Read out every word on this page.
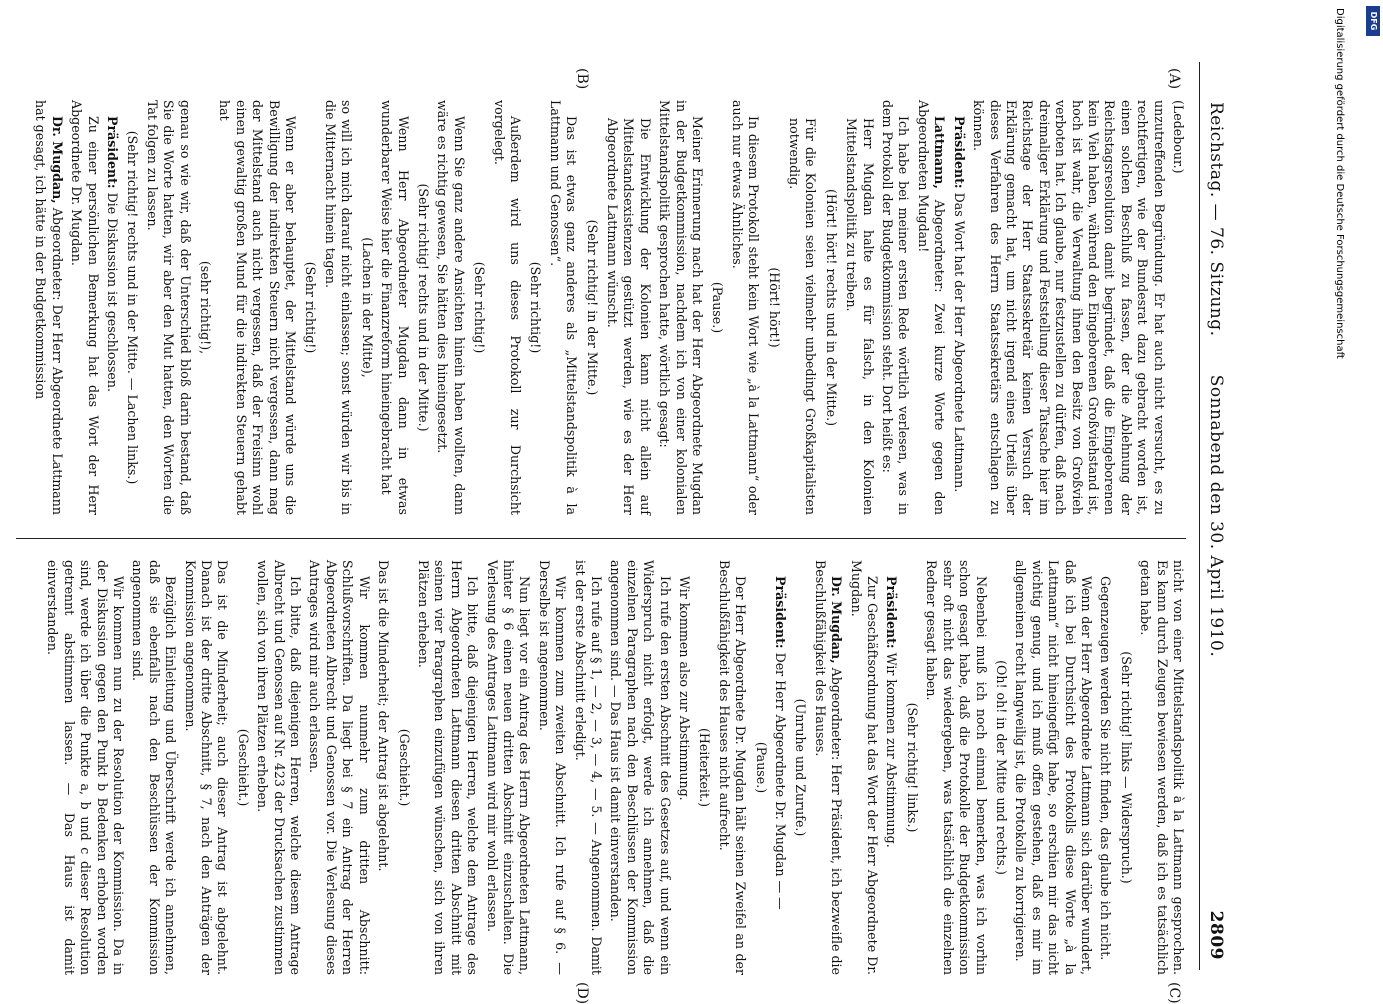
Reichstag. — 76. Sitzung.
Sonnabend den 30. April 1910.
2809
(A)
(B)
(C)
(D)

(Ledebour.)

unzutreffenden Begründung. Er hat auch nicht versucht, es zu rechtfertigen, wie der Bundesrat dazu gebracht worden ist, einen solchen Beschluß zu fassen, der die Ablehnung der Reichstagsresolution damit begründet, daß die Eingeborenen kein Vieh haben, während den Eingeborenen Großviehstand ist, hoch ist wahr, die Verwaltung ihnen den Besitz von Großvieh verboten hat. Ich glaube, nur festzustellen zu dürfen, daß nach dreimaliger Erklärung und Feststellung dieser Tatsache hier im Reichstage der Herr Staatssekretär keinen Versuch der Erklärung gemacht hat, um nicht irgend eines Urteils über dieses Verfahren des Herrn Staatssekretärs entschlagen zu können.

Präsident: Das Wort hat der Herr Abgeordnete Lattmann.

Lattmann, Abgeordneter: Zwei kurze Worte gegen den Abgeordneten Mugdan!

Ich habe bei meiner ersten Rede wörtlich verlesen, was in dem Protokoll der Budgetkommission steht. Dort heißt es:

Herr Mugdan halte es für falsch, in den Kolonien Mittelstandspolitik zu treiben.

(Hört! hört! rechts und in der Mitte.)

Für die Kolonien seien vielmehr unbedingt Großkapitalisten notwendig.

(Hört! hört!)

In diesem Protokoll steht kein Wort wie „à la Lattmann“ oder auch nur etwas Ähnliches.

(Pause.)

Meiner Erinnerung nach hat der Herr Abgeordnete Mugdan in der Budgetkommission, nachdem ich von einer kolonialen Mittelstandspolitik gesprochen hatte, wörtlich gesagt:

Die Entwicklung der Kolonien kann nicht allein auf Mittelstandsexistenzen gestützt werden, wie es der Herr Abgeordnete Lattmann wünscht.

(Sehr richtig! in der Mitte.)

Das ist etwas ganz anderes als „Mittelstandspolitik à la Lattmann und Genossen“.

(Sehr richtig!)

Außerdem wird uns dieses Protokoll zur Durchsicht vorgelegt.

(Sehr richtig!)

Wenn Sie ganz andere Ansichten hinein haben wollten, dann wäre es richtig gewesen, Sie hätten dies hineingesetzt.

(Sehr richtig! rechts und in der Mitte.)

Wenn Herr Abgeordneter Mugdan dann in etwas wunderbarer Weise hier die Finanzreform hineingebracht hat

(Lachen in der Mitte),

so will ich mich darauf nicht einlassen; sonst würden wir bis in die Mitternacht hinein tagen.

(Sehr richtig!)

Wenn er aber behauptet, der Mittelstand würde uns die Bewilligung der indirekten Steuern nicht vergessen, dann mag der Mittelstand auch nicht vergessen, daß der Freisinn wohl einen gewaltig großen Mund für die indirekten Steuern gehabt hat

(sehr richtig!),

genau so wie wir, daß der Unterschied bloß darin bestand, daß Sie die Worte hatten, wir aber den Mut hatten, den Worten die Tat folgen zu lassen.

(Sehr richtig! rechts und in der Mitte. — Lachen links.)

Präsident: Die Diskussion ist geschlossen.

Zu einer persönlichen Bemerkung hat das Wort der Herr Abgeordnete Dr. Mugdan.

Dr. Mugdan, Abgeordneter: Der Herr Abgeordnete Lattmann hat gesagt, ich hätte in der Budgetkommission

nicht von einer Mittelstandspolitik à la Lattmann gesprochen. Es kann durch Zeugen bewiesen werden, daß ich es tatsächlich getan habe.

(Sehr richtig! links — Widerspruch.)

Gegenzeugen werden Sie nicht finden, das glaube ich nicht.

Wenn der Herr Abgeordnete Lattmann sich darüber wundert, daß ich bei Durchsicht des Protokolls diese Worte „à la Lattmann“ nicht hineingefügt habe, so erschien mir das nicht wichtig genug, und ich muß offen gestehen, daß es mir im allgemeinen recht langweilig ist, die Protokolle zu korrigieren.

(Oh! oh! in der Mitte und rechts.)

Nebenbei muß ich noch einmal bemerken, was ich vorhin schon gesagt habe, daß die Protokolle der Budgetkommission sehr oft nicht das wiedergeben, was tatsächlich die einzelnen Redner gesagt haben.

(Sehr richtig! links.)

Präsident: Wir kommen zur Abstimmung.

Zur Geschäftsordnung hat das Wort der Herr Abgeordnete Dr. Mugdan.

Dr. Mugdan, Abgeordneter: Herr Präsident, ich bezweifle die Beschlußfähigkeit des Hauses.

(Unruhe und Zurufe.)

Präsident: Der Herr Abgeordnete Dr. Mugdan — —

(Pause.)

Der Herr Abgeordnete Dr. Mugdan hält seinen Zweifel an der Beschlußfähigkeit des Hauses nicht aufrecht.

(Heiterkeit.)

Wir kommen also zur Abstimmung.

Ich rufe den ersten Abschnitt des Gesetzes auf, und wenn ein Widerspruch nicht erfolgt, werde ich annehmen, daß die einzelnen Paragraphen nach den Beschlüssen der Kommission angenommen sind. — Das Haus ist damit einverstanden.

Ich rufe auf § 1, — 2, — 3, — 4, — 5. — Angenommen. Damit ist der erste Abschnitt erledigt.

Wir kommen zum zweiten Abschnitt. Ich rufe auf § 6. — Derselbe ist angenommen.

Nun liegt vor ein Antrag des Herrn Abgeordneten Lattmann, hinter § 6 einen neuen dritten Abschnitt einzuschalten. Die Verlesung des Antrages Lattmann wird mir wohl erlassen.

Ich bitte, daß diejenigen Herren, welche dem Antrage des Herrn Abgeordneten Lattmann diesen dritten Abschnitt mit seinen vier Paragraphen einzufügen wünschen, sich von ihren Plätzen erheben.

(Geschieht.)

Das ist die Minderheit; der Antrag ist abgelehnt.

Wir kommen nunmehr zum dritten Abschnitt: Schlußvorschriften. Da liegt bei § 7 ein Antrag der Herren Abgeordneten Albrecht und Genossen vor. Die Verlesung dieses Antrages wird mir auch erlassen.

Ich bitte, daß diejenigen Herren, welche diesem Antrage Albrecht und Genossen auf Nr. 423 der Drucksachen zustimmen wollen, sich von ihren Plätzen erheben.

(Geschieht.)

Das ist die Minderheit; auch dieser Antrag ist abgelehnt. Danach ist der dritte Abschnitt, § 7, nach den Anträgen der Kommission angenommen.

Bezüglich Einleitung und Überschrift werde ich annehmen, daß sie ebenfalls nach den Beschlüssen der Kommission angenommen sind.

Wir kommen nun zu der Resolution der Kommission. Da in der Diskussion gegen den Punkt b Bedenken erhoben worden sind, werde ich über die Punkte a, b und c dieser Resolution getrennt abstimmen lassen. — Das Haus ist damit einverstanden.

Digitalisierung gefördert durch die Deutsche Forschungsgemeinschaft	DFG
